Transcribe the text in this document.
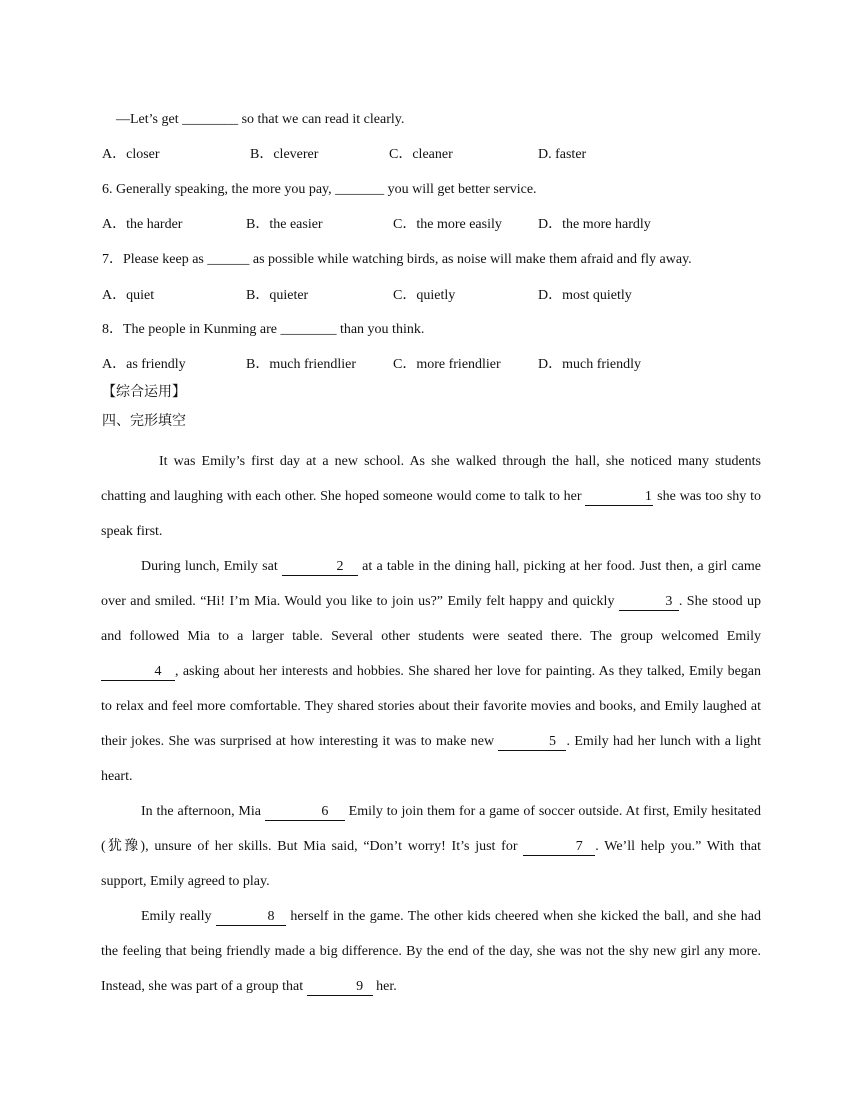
—Let’s get ________ so that we can read it clearly.
A．closer	B．cleverer	C．cleaner	D. faster
6. Generally speaking, the more you pay, _______ you will get better service.
A．the harder	B．the easier	C．the more easily	D．the more hardly
7．Please keep as ______ as possible while watching birds, as noise will make them afraid and fly away.
A．quiet	B．quieter	C．quietly	D．most quietly
8．The people in Kunming are ________ than you think.
A．as friendly	B．much friendlier	C．more friendlier	D．much friendly
【综合运用】
四、完形填空

It was Emily’s first day at a new school. As she walked through the hall, she noticed many students chatting and laughing with each other. She hoped someone would come to talk to her	1 she was too shy to speak first.

During lunch, Emily sat	2 at a table in the dining hall, picking at her food. Just then, a girl came over and smiled. “Hi! I’m Mia. Would you like to join us?” Emily felt happy and quickly	3 . She stood up and followed Mia to a larger table. Several other students were seated there. The group welcomed Emily 4 , asking about her interests and hobbies. She shared her love for painting. As they talked, Emily began to relax and feel more comfortable. They shared stories about their favorite movies and books, and Emily laughed at their jokes. She was surprised at how interesting it was to make new	5 . Emily had her lunch with a light heart.

In the afternoon, Mia	6 Emily to join them for a game of soccer outside. At first, Emily hesitated (犹豫), unsure of her skills. But Mia said, “Don’t worry! It’s just for	7 . We’ll help you.” With that support, Emily agreed to play.

Emily really	8 herself in the game. The other kids cheered when she kicked the ball, and she had the feeling that being friendly made a big difference. By the end of the day, she was not the shy new girl any more. Instead, she was part of a group that	9 her.
